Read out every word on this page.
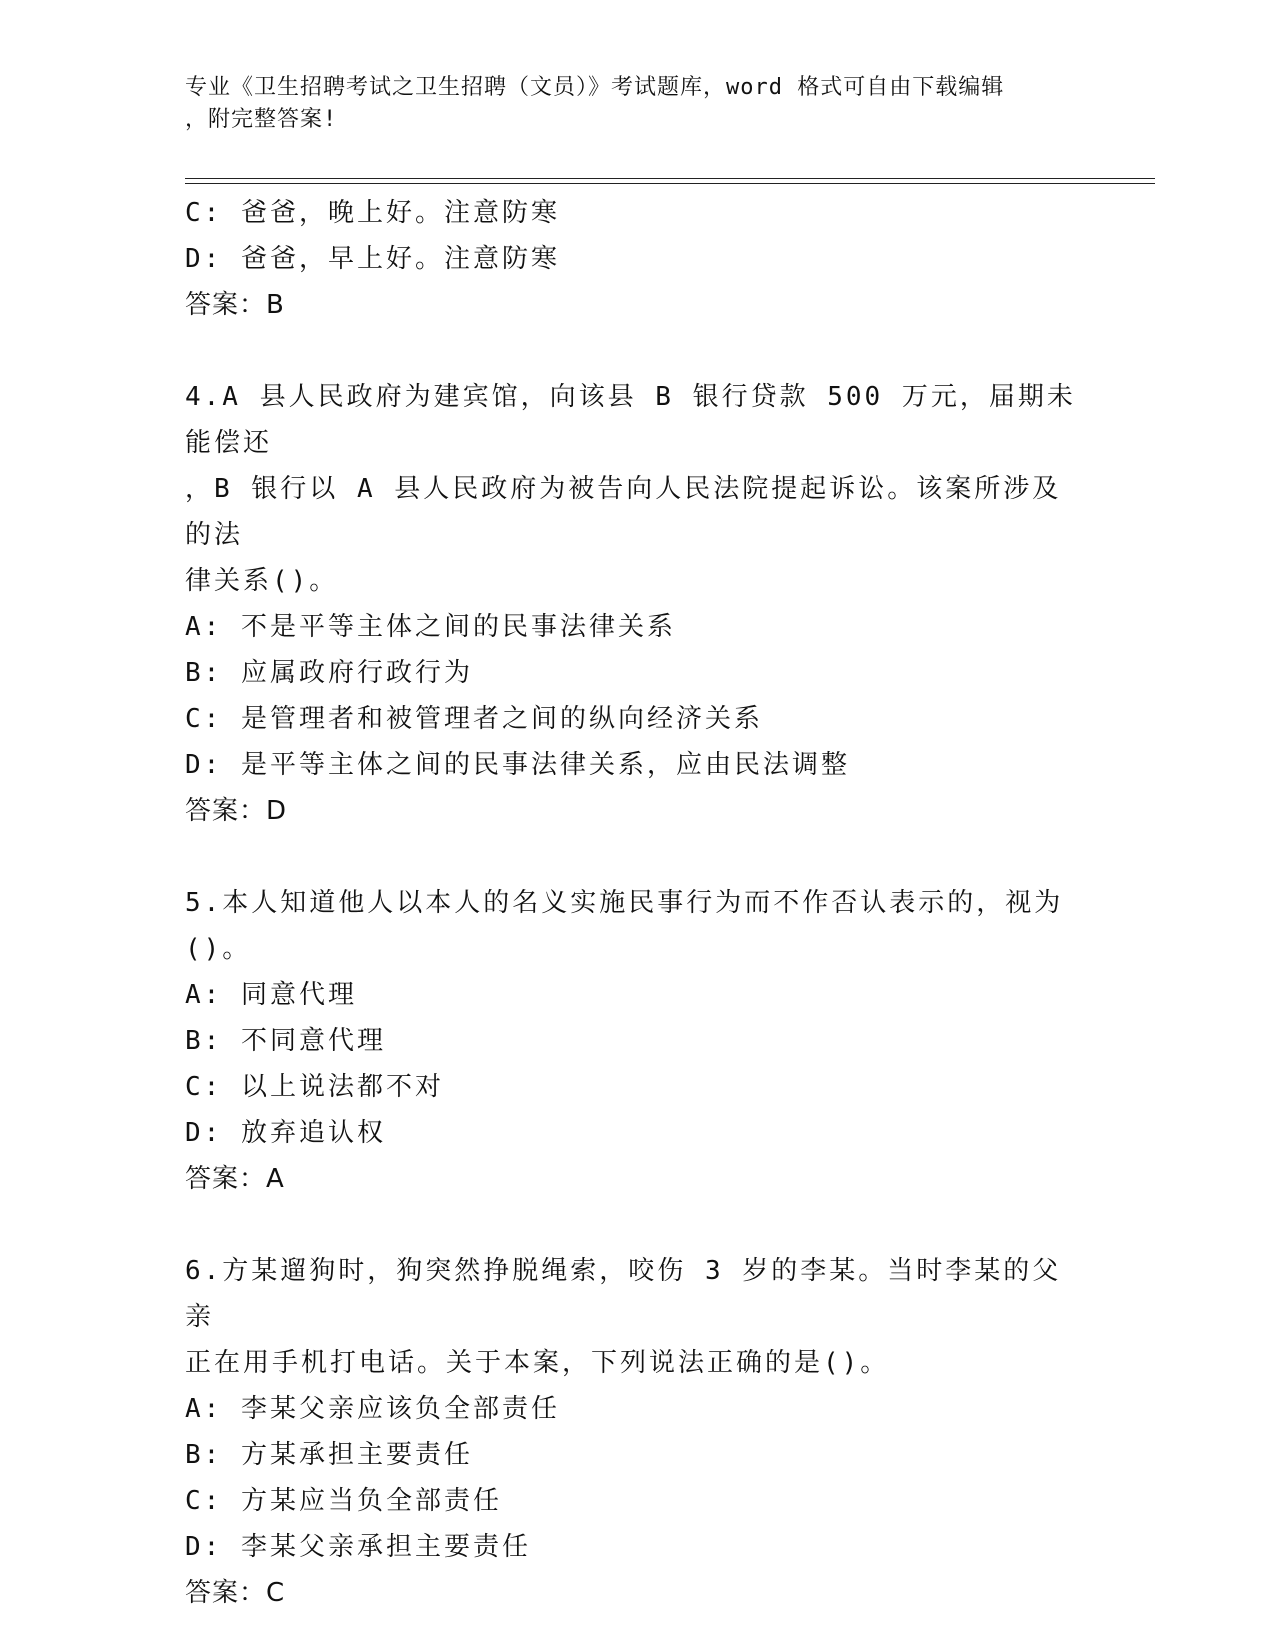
专业《卫生招聘考试之卫生招聘（文员）》考试题库，word 格式可自由下载编辑
，附完整答案!
C: 爸爸，晚上好。注意防寒
D: 爸爸，早上好。注意防寒
答案：B
4.A 县人民政府为建宾馆，向该县 B 银行贷款 500 万元，届期未能偿还
，B 银行以 A 县人民政府为被告向人民法院提起诉讼。该案所涉及的法
律关系()。
A: 不是平等主体之间的民事法律关系
B: 应属政府行政行为
C: 是管理者和被管理者之间的纵向经济关系
D: 是平等主体之间的民事法律关系，应由民法调整
答案：D
5.本人知道他人以本人的名义实施民事行为而不作否认表示的，视为
()。
A: 同意代理
B: 不同意代理
C: 以上说法都不对
D: 放弃追认权
答案：A
6.方某遛狗时，狗突然挣脱绳索，咬伤 3 岁的李某。当时李某的父亲
正在用手机打电话。关于本案，下列说法正确的是()。
A: 李某父亲应该负全部责任
B: 方某承担主要责任
C: 方某应当负全部责任
D: 李某父亲承担主要责任
答案：C
